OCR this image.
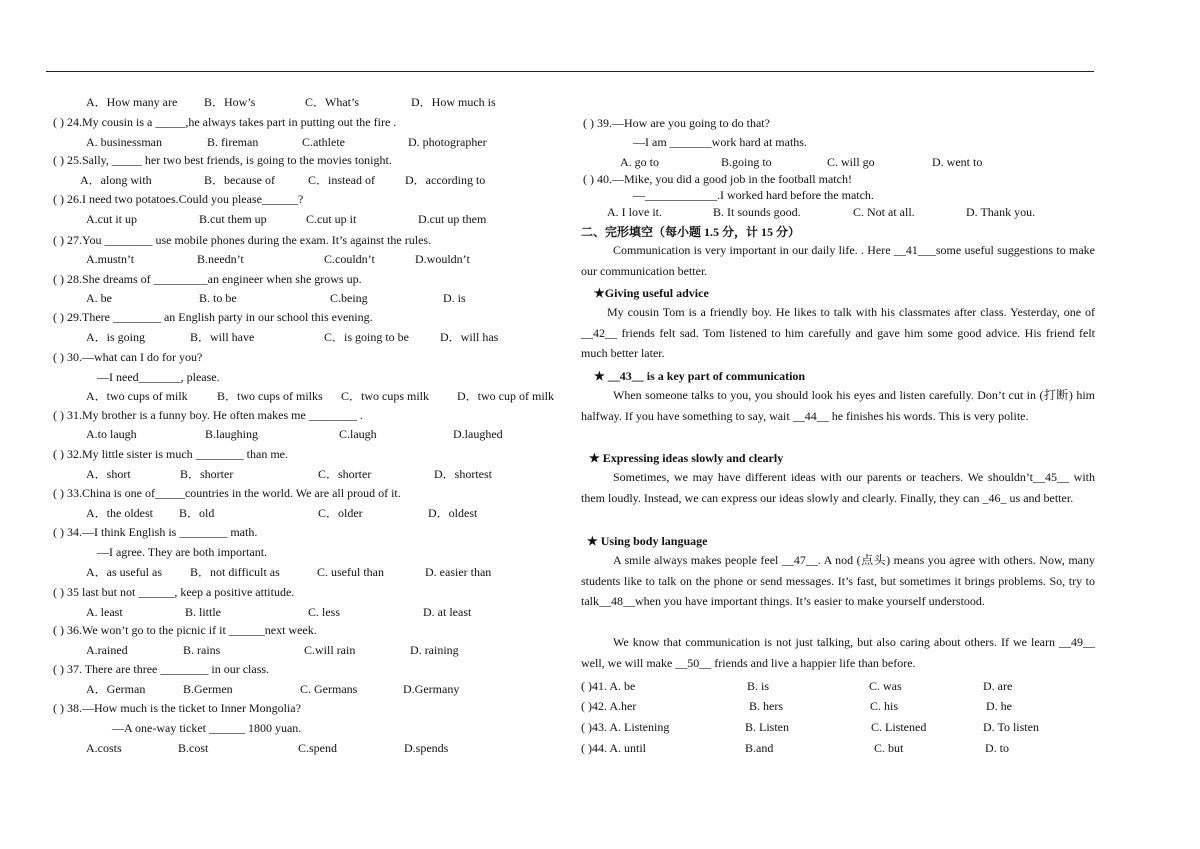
A．How many are B．How’s	C．What’s	D．How much is
( ) 24.My cousin is a _____,he always takes part in putting out the fire .
A. businessman	B. fireman	C.athlete	D. photographer
( ) 25.Sally, _____ her two best friends, is going to the movies tonight.
A．along with	B．because of	C．instead of	D．according to
( ) 26.I need two potatoes.Could you please______?
A.cut it up	B.cut them up	C.cut up it	D.cut up them
( ) 27.You ________ use mobile phones during the exam. It’s against the rules.
A.mustn’t	B.needn’t	C.couldn’t	D.wouldn’t
( ) 28.She dreams of _________an engineer when she grows up.
A. be	B. to be	C.being	D. is
( ) 29.There ________ an English party in our school this evening.
A．is going	B．will have	C．is going to be	D．will has
( ) 30.—what can I do for you?
—I need_______, please.
A．two cups of milk B．two cups of milks C．two cups milk D．two cup of milk
( ) 31.My brother is a funny boy. He often makes me ________ .
A.to laugh	B.laughing	C.laugh	D.laughed
( ) 32.My little sister is much ________ than me.
A．short	B．shorter	C．shorter	D．shortest
( ) 33.China is one of_____countries in the world. We are all proud of it.
A．the oldest B．old	C．older	D．oldest
( ) 34.—I think English is ________ math.
—I agree. They are both important.
A．as useful as B．not difficult as	C. useful than	D. easier than
( ) 35 last but not ______, keep a positive attitude.
A. least	B. little	C. less	D. at least
( ) 36.We won’t go to the picnic if it ______next week.
A.rained	B. rains	C.will rain	D. raining
( ) 37. There are three ________ in our class.
A．German	B.Germen	C. Germans	D.Germany
( ) 38.—How much is the ticket to Inner Mongolia?
—A one-way ticket ______ 1800 yuan.
A.costs	B.cost	C.spend	D.spends
( ) 39.—How are you going to do that?
—I am _______work hard at maths.
A. go to	B.going to	C. will go	D. went to
( ) 40.—Mike, you did a good job in the football match!
—____________.I worked hard before the match.
A. I love it.	B. It sounds good.	C. Not at all.	D. Thank you.
二、完形填空（每小题 1.5 分，计 15 分）
Communication is very important in our daily life. . Here __41___some useful suggestions to make our communication better.
★Giving useful advice
My cousin Tom is a friendly boy. He likes to talk with his classmates after class. Yesterday, one of __42__ friends felt sad. Tom listened to him carefully and gave him some good advice. His friend felt much better later.
★ __43__ is a key part of communication
When someone talks to you, you should look his eyes and listen carefully. Don’t cut in (打断) him halfway. If you have something to say, wait __44__ he finishes his words. This is very polite.
★ Expressing ideas slowly and clearly
Sometimes, we may have different ideas with our parents or teachers. We shouldn’t__45__ with them loudly. Instead, we can express our ideas slowly and clearly. Finally, they can _46_ us and better.
★ Using body language
A smile always makes people feel __47__. A nod (点头) means you agree with others. Now, many students like to talk on the phone or send messages. It’s fast, but sometimes it brings problems. So, try to talk__48__when you have important things. It’s easier to make yourself understood.
We know that communication is not just talking, but also caring about others. If we learn __49__ well, we will make __50__ friends and live a happier life than before.
( )41. A. be	B. is	C. was	D. are
( )42. A.her	B. hers	C. his	D. he
( )43. A. Listening	B. Listen	C. Listened	D. To listen
( )44. A. until	B.and	C. but	D. to
